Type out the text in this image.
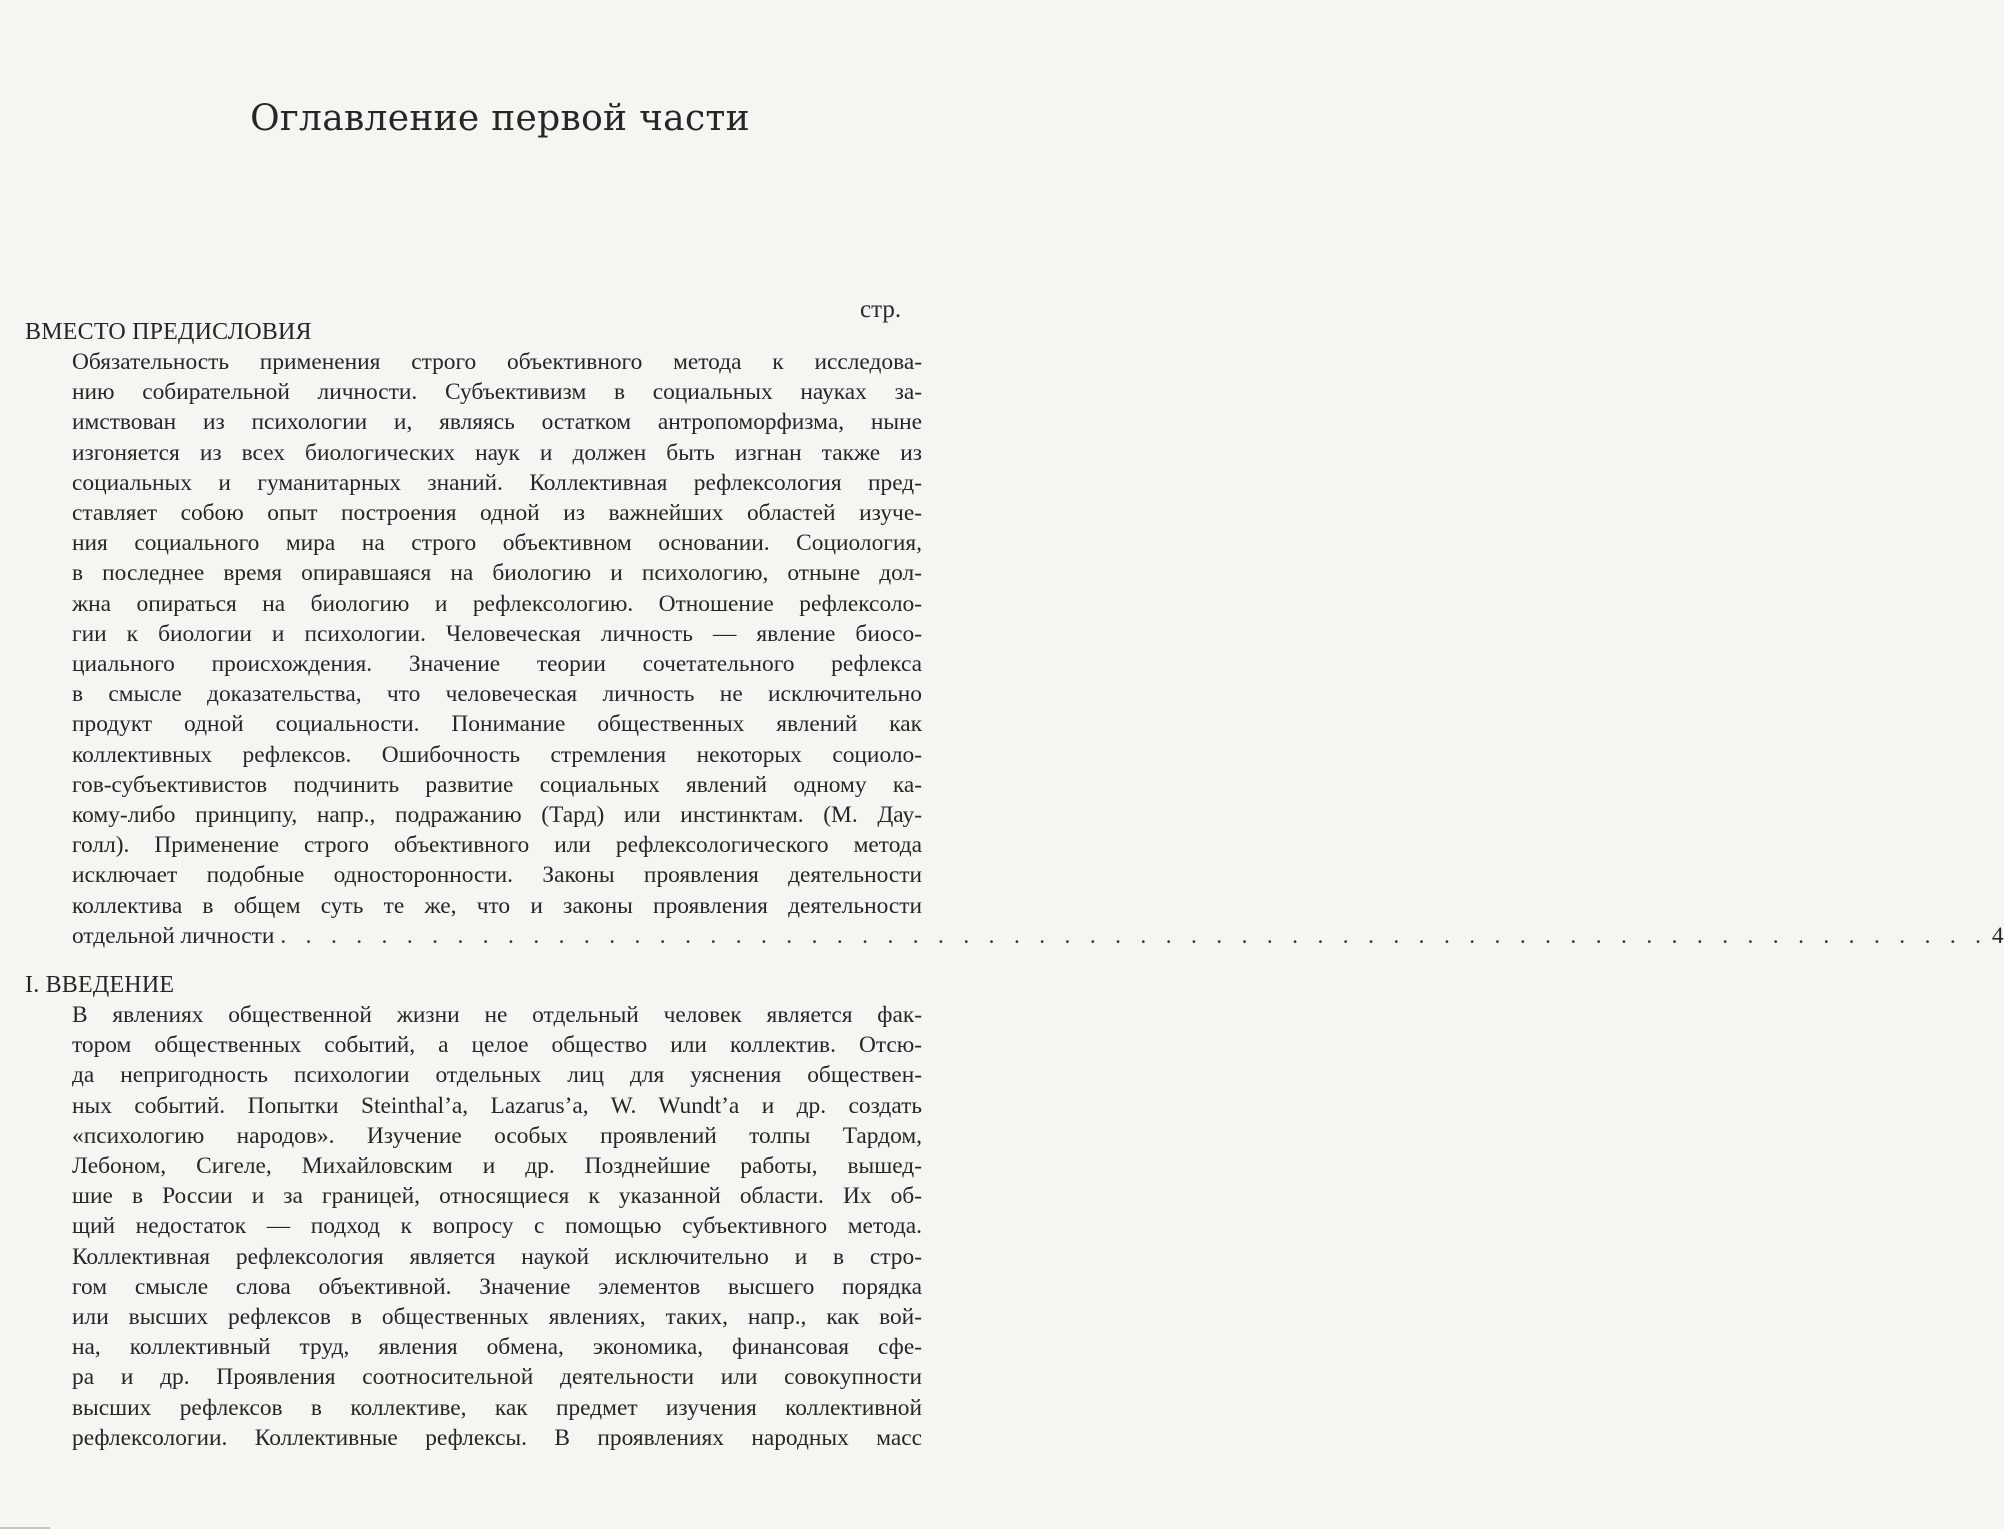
Оглавление первой части
стр.
ВМЕСТО ПРЕДИСЛОВИЯ
Обязательность применения строго объективного метода к исследова-
нию собирательной личности. Субъективизм в социальных науках за-
имствован из психологии и, являясь остатком антропоморфизма, ныне
изгоняется из всех биологических наук и должен быть изгнан также из
социальных и гуманитарных знаний. Коллективная рефлексология пред-
ставляет собою опыт построения одной из важнейших областей изуче-
ния социального мира на строго объективном основании. Социология,
в последнее время опиравшаяся на биологию и психологию, отныне дол-
жна опираться на биологию и рефлексологию. Отношение рефлексоло-
гии к биологии и психологии. Человеческая личность — явление биосо-
циального происхождения. Значение теории сочетательного рефлекса
в смысле доказательства, что человеческая личность не исключительно
продукт одной социальности. Понимание общественных явлений как
коллективных рефлексов. Ошибочность стремления некоторых социоло-
гов-субъективистов подчинить развитие социальных явлений одному ка-
кому-либо принципу, напр., подражанию (Тард) или инстинктам. (М. Дау-
голл). Применение строго объективного или рефлексологического метода
исключает подобные односторонности. Законы проявления деятельности
коллектива в общем суть те же, что и законы проявления деятельности
отдельной личности . . . . . . . . . . . . . . . . . . . . . . . . . . . . . . . . . . . . . . . . . . . . . . . . . . . . . . . . . . . . . . . . . . . . 4
I. ВВЕДЕНИЕ
В явлениях общественной жизни не отдельный человек является фак-
тором общественных событий, а целое общество или коллектив. Отсю-
да непригодность психологии отдельных лиц для уяснения обществен-
ных событий. Попытки Steinthal’a, Lazarus’a, W. Wundt’a и др. создать
«психологию народов». Изучение особых проявлений толпы Тардом,
Лебоном, Сигеле, Михайловским и др. Позднейшие работы, вышед-
шие в России и за границей, относящиеся к указанной области. Их об-
щий недостаток — подход к вопросу с помощью субъективного метода.
Коллективная рефлексология является наукой исключительно и в стро-
гом смысле слова объективной. Значение элементов высшего порядка
или высших рефлексов в общественных явлениях, таких, напр., как вой-
на, коллективный труд, явления обмена, экономика, финансовая сфе-
ра и др. Проявления соотносительной деятельности или совокупности
высших рефлексов в коллективе, как предмет изучения коллективной
рефлексологии. Коллективные рефлексы. В проявлениях народных масс
